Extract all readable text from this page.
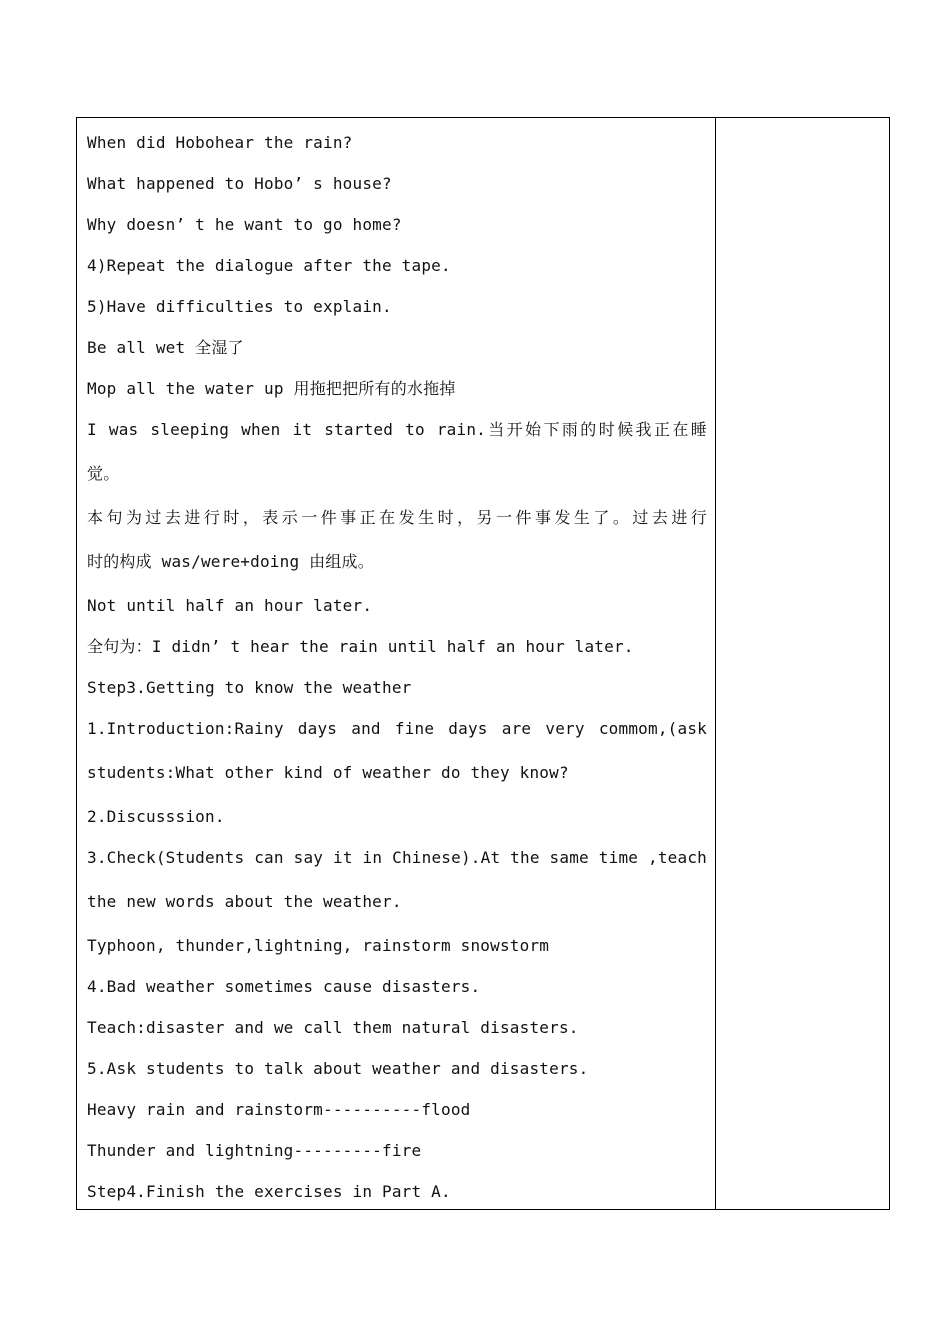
When did Hobohear the rain?
What happened to Hobo’ s house?
Why doesn’ t he want to go home?
4)Repeat the dialogue after the tape.
5)Have difficulties to explain.
Be all wet 全湿了
Mop all the water up 用拖把把所有的水拖掉
I was sleeping when it started to rain.当开始下雨的时候我正在睡
觉。
本句为过去进行时，表示一件事正在发生时，另一件事发生了。过去进行
时的构成 was/were+doing 由组成。
Not until half an hour later.
全句为：I didn’ t hear the rain until half an hour later.
Step3.Getting to know the weather
1.Introduction:Rainy days and fine days are very commom,(ask
students:What other kind of weather do they know?
2.Discusssion.
3.Check(Students can say it in Chinese).At the same time ,teach
the new words about the weather.
Typhoon, thunder,lightning, rainstorm snowstorm
4.Bad weather sometimes cause disasters.
Teach:disaster and we call them natural disasters.
5.Ask students to talk about weather and disasters.
Heavy rain and rainstorm----------flood
Thunder and lightning---------fire
Step4.Finish the exercises in Part A.
